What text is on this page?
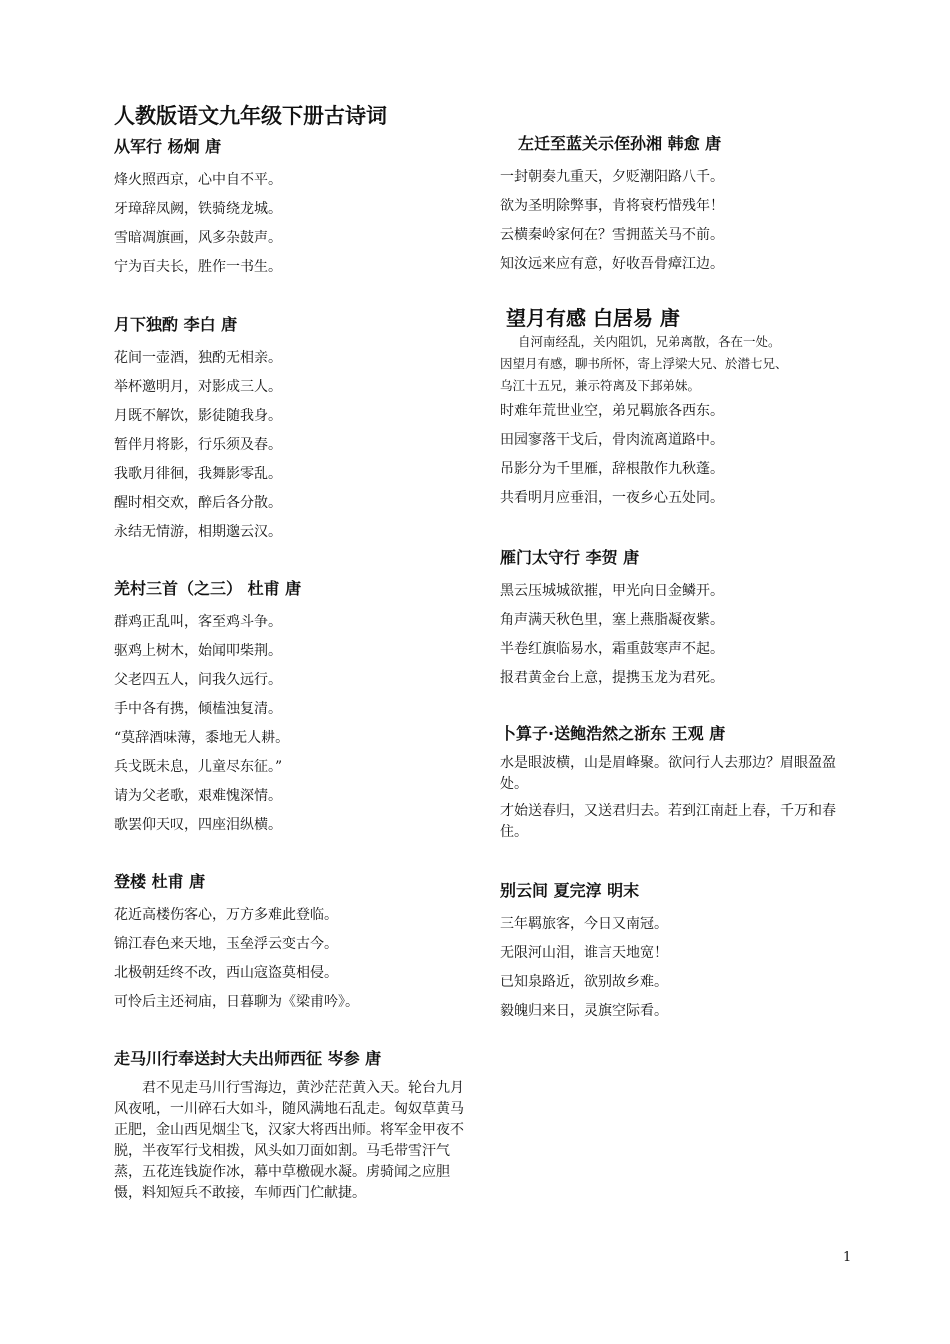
人教版语文九年级下册古诗词
从军行 杨炯 唐
烽火照西京，心中自不平。
牙璋辞凤阙，铁骑绕龙城。
雪暗凋旗画，风多杂鼓声。
宁为百夫长，胜作一书生。
月下独酌 李白 唐
花间一壶酒，独酌无相亲。
举杯邀明月，对影成三人。
月既不解饮，影徒随我身。
暂伴月将影，行乐须及春。
我歌月徘徊，我舞影零乱。
醒时相交欢，醉后各分散。
永结无情游，相期邈云汉。
羌村三首（之三） 杜甫 唐
群鸡正乱叫，客至鸡斗争。
驱鸡上树木，始闻叩柴荆。
父老四五人，问我久远行。
手中各有携，倾榼浊复清。
“莫辞酒味薄，黍地无人耕。
兵戈既未息，儿童尽东征。”
请为父老歌，艰难愧深情。
歌罢仰天叹，四座泪纵横。
登楼 杜甫 唐
花近高楼伤客心，万方多难此登临。
锦江春色来天地，玉垒浮云变古今。
北极朝廷终不改，西山寇盗莫相侵。
可怜后主还祠庙，日暮聊为《梁甫吟》。
走马川行奉送封大夫出师西征 岑参 唐

君不见走马川行雪海边，黄沙茫茫黄入天。轮台九月风夜吼，一川碎石大如斗，随风满地石乱走。匈奴草黄马正肥，金山西见烟尘飞，汉家大将西出师。将军金甲夜不脱，半夜军行戈相拨，风头如刀面如割。马毛带雪汗气蒸，五花连钱旋作冰，幕中草檄砚水凝。虏骑闻之应胆慑，料知短兵不敢接，车师西门伫献捷。

左迁至蓝关示侄孙湘 韩愈 唐
一封朝奏九重天，夕贬潮阳路八千。
欲为圣明除弊事，肯将衰朽惜残年！
云横秦岭家何在？雪拥蓝关马不前。
知汝远来应有意，好收吾骨瘴江边。
望月有感 白居易 唐
自河南经乱，关内阻饥，兄弟离散，各在一处。
因望月有感，聊书所怀，寄上浮梁大兄、於潜七兄、
乌江十五兄，兼示符离及下邽弟妹。
时难年荒世业空，弟兄羁旅各西东。
田园寥落干戈后，骨肉流离道路中。
吊影分为千里雁，辞根散作九秋蓬。
共看明月应垂泪，一夜乡心五处同。
雁门太守行 李贺 唐
黑云压城城欲摧，甲光向日金鳞开。
角声满天秋色里，塞上燕脂凝夜紫。
半卷红旗临易水，霜重鼓寒声不起。
报君黄金台上意，提携玉龙为君死。
卜算子·送鲍浩然之浙东 王观 唐

水是眼波横，山是眉峰聚。欲问行人去那边？眉眼盈盈处。

才始送春归，又送君归去。若到江南赶上春，千万和春住。

别云间 夏完淳 明末
三年羁旅客，今日又南冠。
无限河山泪，谁言天地宽！
已知泉路近，欲别故乡难。
毅魄归来日，灵旗空际看。
1
